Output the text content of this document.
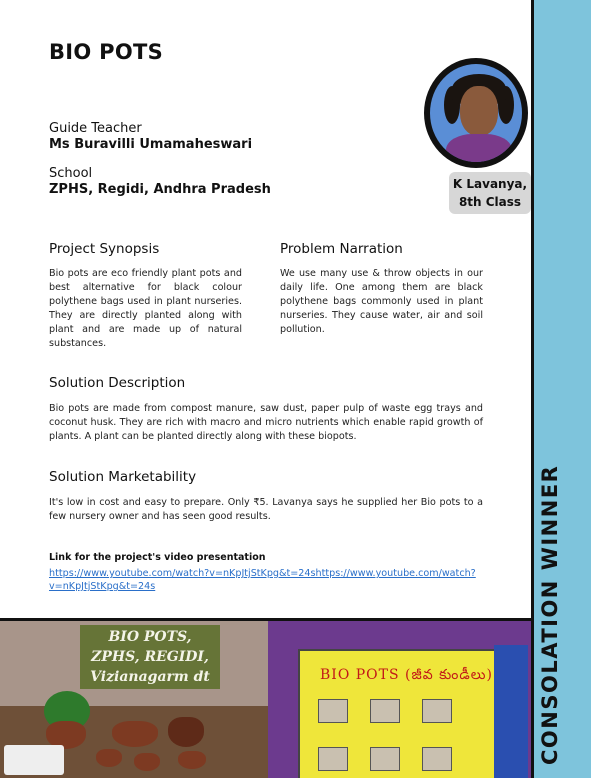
BIO POTS
Guide Teacher
Ms Buravilli Umamaheswari
School
ZPHS, Regidi, Andhra Pradesh	K Lavanya,
8th Class
Project Synopsis
Bio pots are eco friendly plant pots and best alternative for black colour polythene bags used in plant nurseries. They are directly planted along with plant and are made up of natural substances.
Problem Narration
We use many use & throw objects in our daily life. One among them are black polythene bags commonly used in plant nurseries. They cause water, air and soil pollution.
Solution Description
Bio pots are made from compost manure, saw dust, paper pulp of waste egg trays and coconut husk. They are rich with macro and micro nutrients which enable rapid growth of plants. A plant can be planted directly along with these biopots.
Solution Marketability
It's low in cost and easy to prepare. Only ₹5. Lavanya says he supplied her Bio pots to a few nursery owner and has seen good results.
Link for the project's video presentation
https://www.youtube.com/watch?v=nKpJtjStKpg&t=24shttps://www.youtube.com/watch?v=nKpJtjStKpg&t=24s
BIO POTS,
ZPHS, REGIDI,
Vizianagarm dt	BIO POTS (జీవ కుండీలు) CONSOLATION WINNER
